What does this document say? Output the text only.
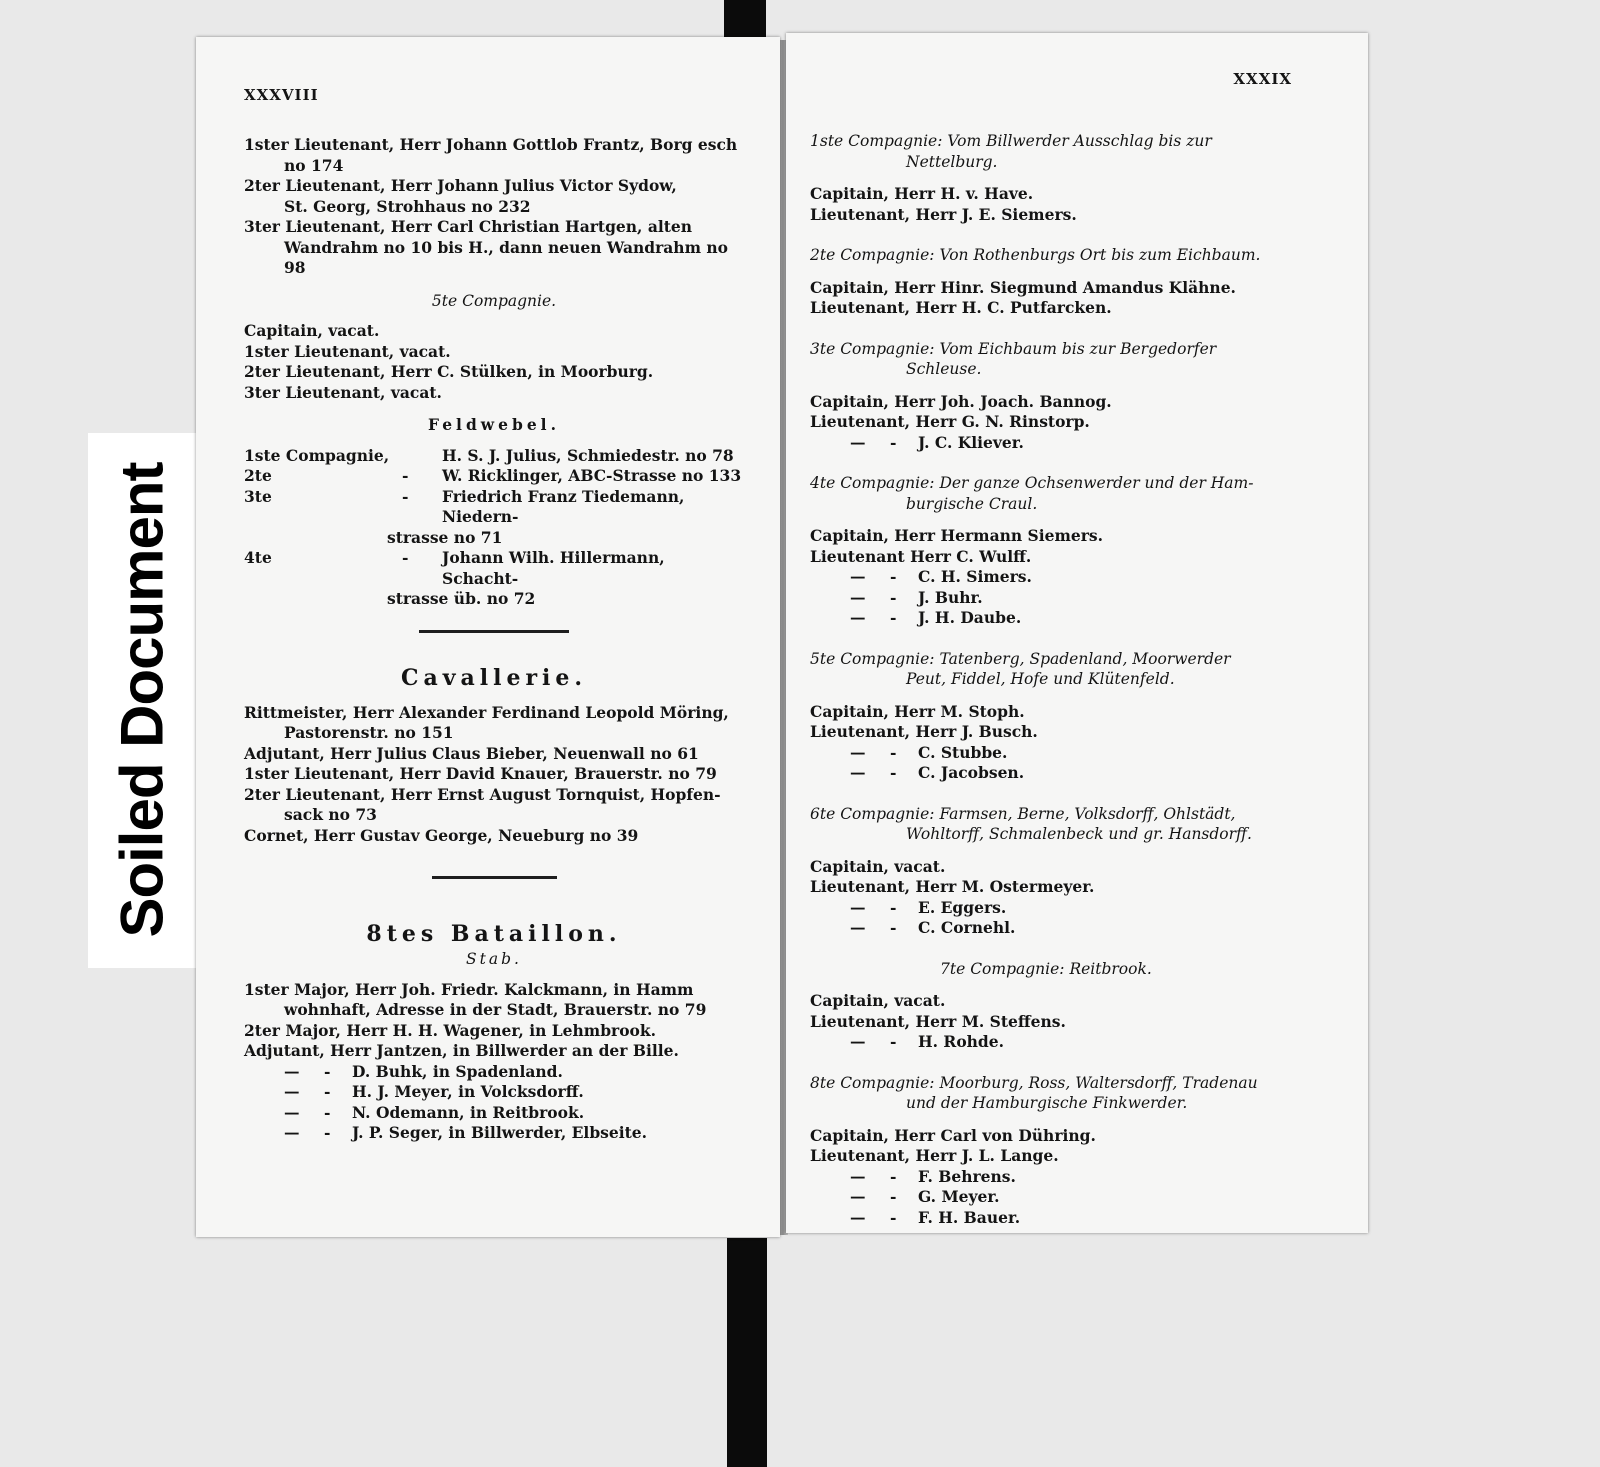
Soiled Document
XXXVIII
1ster Lieutenant, Herr Johann Gottlob Frantz, Borg esch
no 174
2ter Lieutenant, Herr Johann Julius Victor Sydow,
St. Georg, Strohhaus no 232
3ter Lieutenant, Herr Carl Christian Hartgen, alten
Wandrahm no 10 bis H., dann neuen Wandrahm no 98
5te Compagnie.
Capitain, vacat.
1ster Lieutenant, vacat.
2ter Lieutenant, Herr C. Stülken, in Moorburg.
3ter Lieutenant, vacat.
Feldwebel.
1ste Compagnie,	H. S. J. Julius, Schmiedestr. no 78
2te	-	W. Ricklinger, ABC-Strasse no 133
3te	-	Friedrich Franz Tiedemann, Niedern-
strasse no 71
4te	-	Johann Wilh. Hillermann, Schacht-
strasse üb. no 72
Cavallerie.
Rittmeister, Herr Alexander Ferdinand Leopold Möring,
Pastorenstr. no 151
Adjutant, Herr Julius Claus Bieber, Neuenwall no 61
1ster Lieutenant, Herr David Knauer, Brauerstr. no 79
2ter Lieutenant, Herr Ernst August Tornquist, Hopfen-
sack no 73
Cornet, Herr Gustav George, Neueburg no 39
8tes Bataillon.
Stab.
1ster Major, Herr Joh. Friedr. Kalckmann, in Hamm
wohnhaft, Adresse in der Stadt, Brauerstr. no 79
2ter Major, Herr H. H. Wagener, in Lehmbrook.
Adjutant, Herr Jantzen, in Billwerder an der Bille.
—	-	D. Buhk, in Spadenland.
—	-	H. J. Meyer, in Volcksdorff.
—	-	N. Odemann, in Reitbrook.
—	-	J. P. Seger, in Billwerder, Elbseite.
XXXIX
1ste Compagnie: Vom Billwerder Ausschlag bis zur
Nettelburg.
Capitain, Herr H. v. Have.
Lieutenant, Herr J. E. Siemers.
2te Compagnie: Von Rothenburgs Ort bis zum Eichbaum.
Capitain, Herr Hinr. Siegmund Amandus Klähne.
Lieutenant, Herr H. C. Putfarcken.
3te Compagnie: Vom Eichbaum bis zur Bergedorfer
Schleuse.
Capitain, Herr Joh. Joach. Bannog.
Lieutenant, Herr G. N. Rinstorp.
—	-	J. C. Kliever.
4te Compagnie: Der ganze Ochsenwerder und der Ham-
burgische Craul.
Capitain, Herr Hermann Siemers.
Lieutenant Herr C. Wulff.
—	-	C. H. Simers.
—	-	J. Buhr.
—	-	J. H. Daube.
5te Compagnie: Tatenberg, Spadenland, Moorwerder
Peut, Fiddel, Hofe und Klütenfeld.
Capitain, Herr M. Stoph.
Lieutenant, Herr J. Busch.
—	-	C. Stubbe.
—	-	C. Jacobsen.
6te Compagnie: Farmsen, Berne, Volksdorff, Ohlstädt,
Wohltorff, Schmalenbeck und gr. Hansdorff.
Capitain, vacat.
Lieutenant, Herr M. Ostermeyer.
—	-	E. Eggers.
—	-	C. Cornehl.
7te Compagnie: Reitbrook.
Capitain, vacat.
Lieutenant, Herr M. Steffens.
—	-	H. Rohde.
8te Compagnie: Moorburg, Ross, Waltersdorff, Tradenau
und der Hamburgische Finkwerder.
Capitain, Herr Carl von Dühring.
Lieutenant, Herr J. L. Lange.
—	-	F. Behrens.
—	-	G. Meyer.
—	-	F. H. Bauer.
